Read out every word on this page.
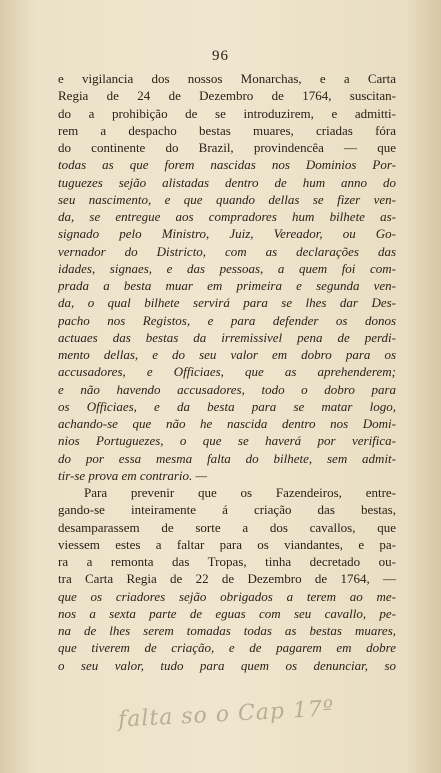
96
e vigilancia dos nossos Monarchas, e a Carta
Regia de 24 de Dezembro de 1764, suscitan-
do a prohibição de se introduzirem, e admitti-
rem a despacho bestas muares, criadas fóra
do continente do Brazil, provindencêa — que
todas as que forem nascidas nos Dominios Por-
tuguezes sejão alistadas dentro de hum anno do
seu nascimento, e que quando dellas se fizer ven-
da, se entregue aos compradores hum bilhete as-
signado pelo Ministro, Juiz, Vereador, ou Go-
vernador do Districto, com as declarações das
idades, signaes, e das pessoas, a quem foi com-
prada a besta muar em primeira e segunda ven-
da, o qual bilhete servirá para se lhes dar Des-
pacho nos Registos, e para defender os donos
actuaes das bestas da irremissivel pena de perdi-
mento dellas, e do seu valor em dobro para os
accusadores, e Officiaes, que as aprehenderem;
e não havendo accusadores, todo o dobro para
os Officiaes, e da besta para se matar logo,
achando-se que não he nascida dentro nos Domi-
nios Portuguezes, o que se haverá por verifica-
do por essa mesma falta do bilhete, sem admit-
tir-se prova em contrario. —
Para prevenir que os Fazendeiros, entre-
gando-se inteiramente á criação das bestas,
desamparassem de sorte a dos cavallos, que
viessem estes a faltar para os viandantes, e pa-
ra a remonta das Tropas, tinha decretado ou-
tra Carta Regia de 22 de Dezembro de 1764, —
que os criadores sejão obrigados a terem ao me-
nos a sexta parte de eguas com seu cavallo, pe-
na de lhes serem tomadas todas as bestas muares,
que tiverem de criação, e de pagarem em dobre
o seu valor, tudo para quem os denunciar, so
falta so o Cap 17º
